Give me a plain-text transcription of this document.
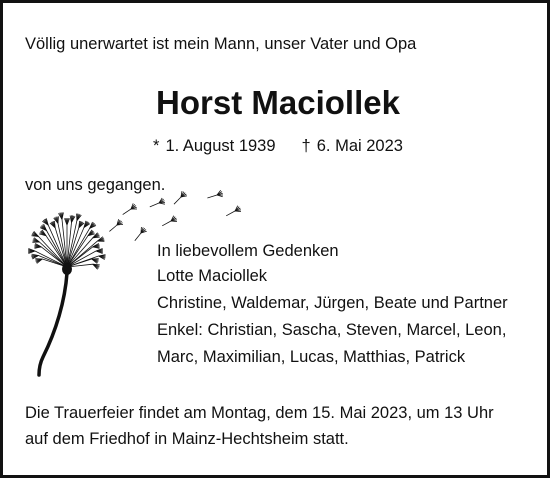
Völlig unerwartet ist mein Mann, unser Vater und Opa
Horst Maciollek
* 1. August 1939 † 6. Mai 2023
von uns gegangen.
In liebevollem Gedenken
Lotte Maciollek
Christine, Waldemar, Jürgen, Beate und Partner
Enkel: Christian, Sascha, Steven, Marcel, Leon,
Marc, Maximilian, Lucas, Matthias, Patrick
Die Trauerfeier findet am Montag, dem 15. Mai 2023, um 13 Uhr
auf dem Friedhof in Mainz-Hechtsheim statt.
